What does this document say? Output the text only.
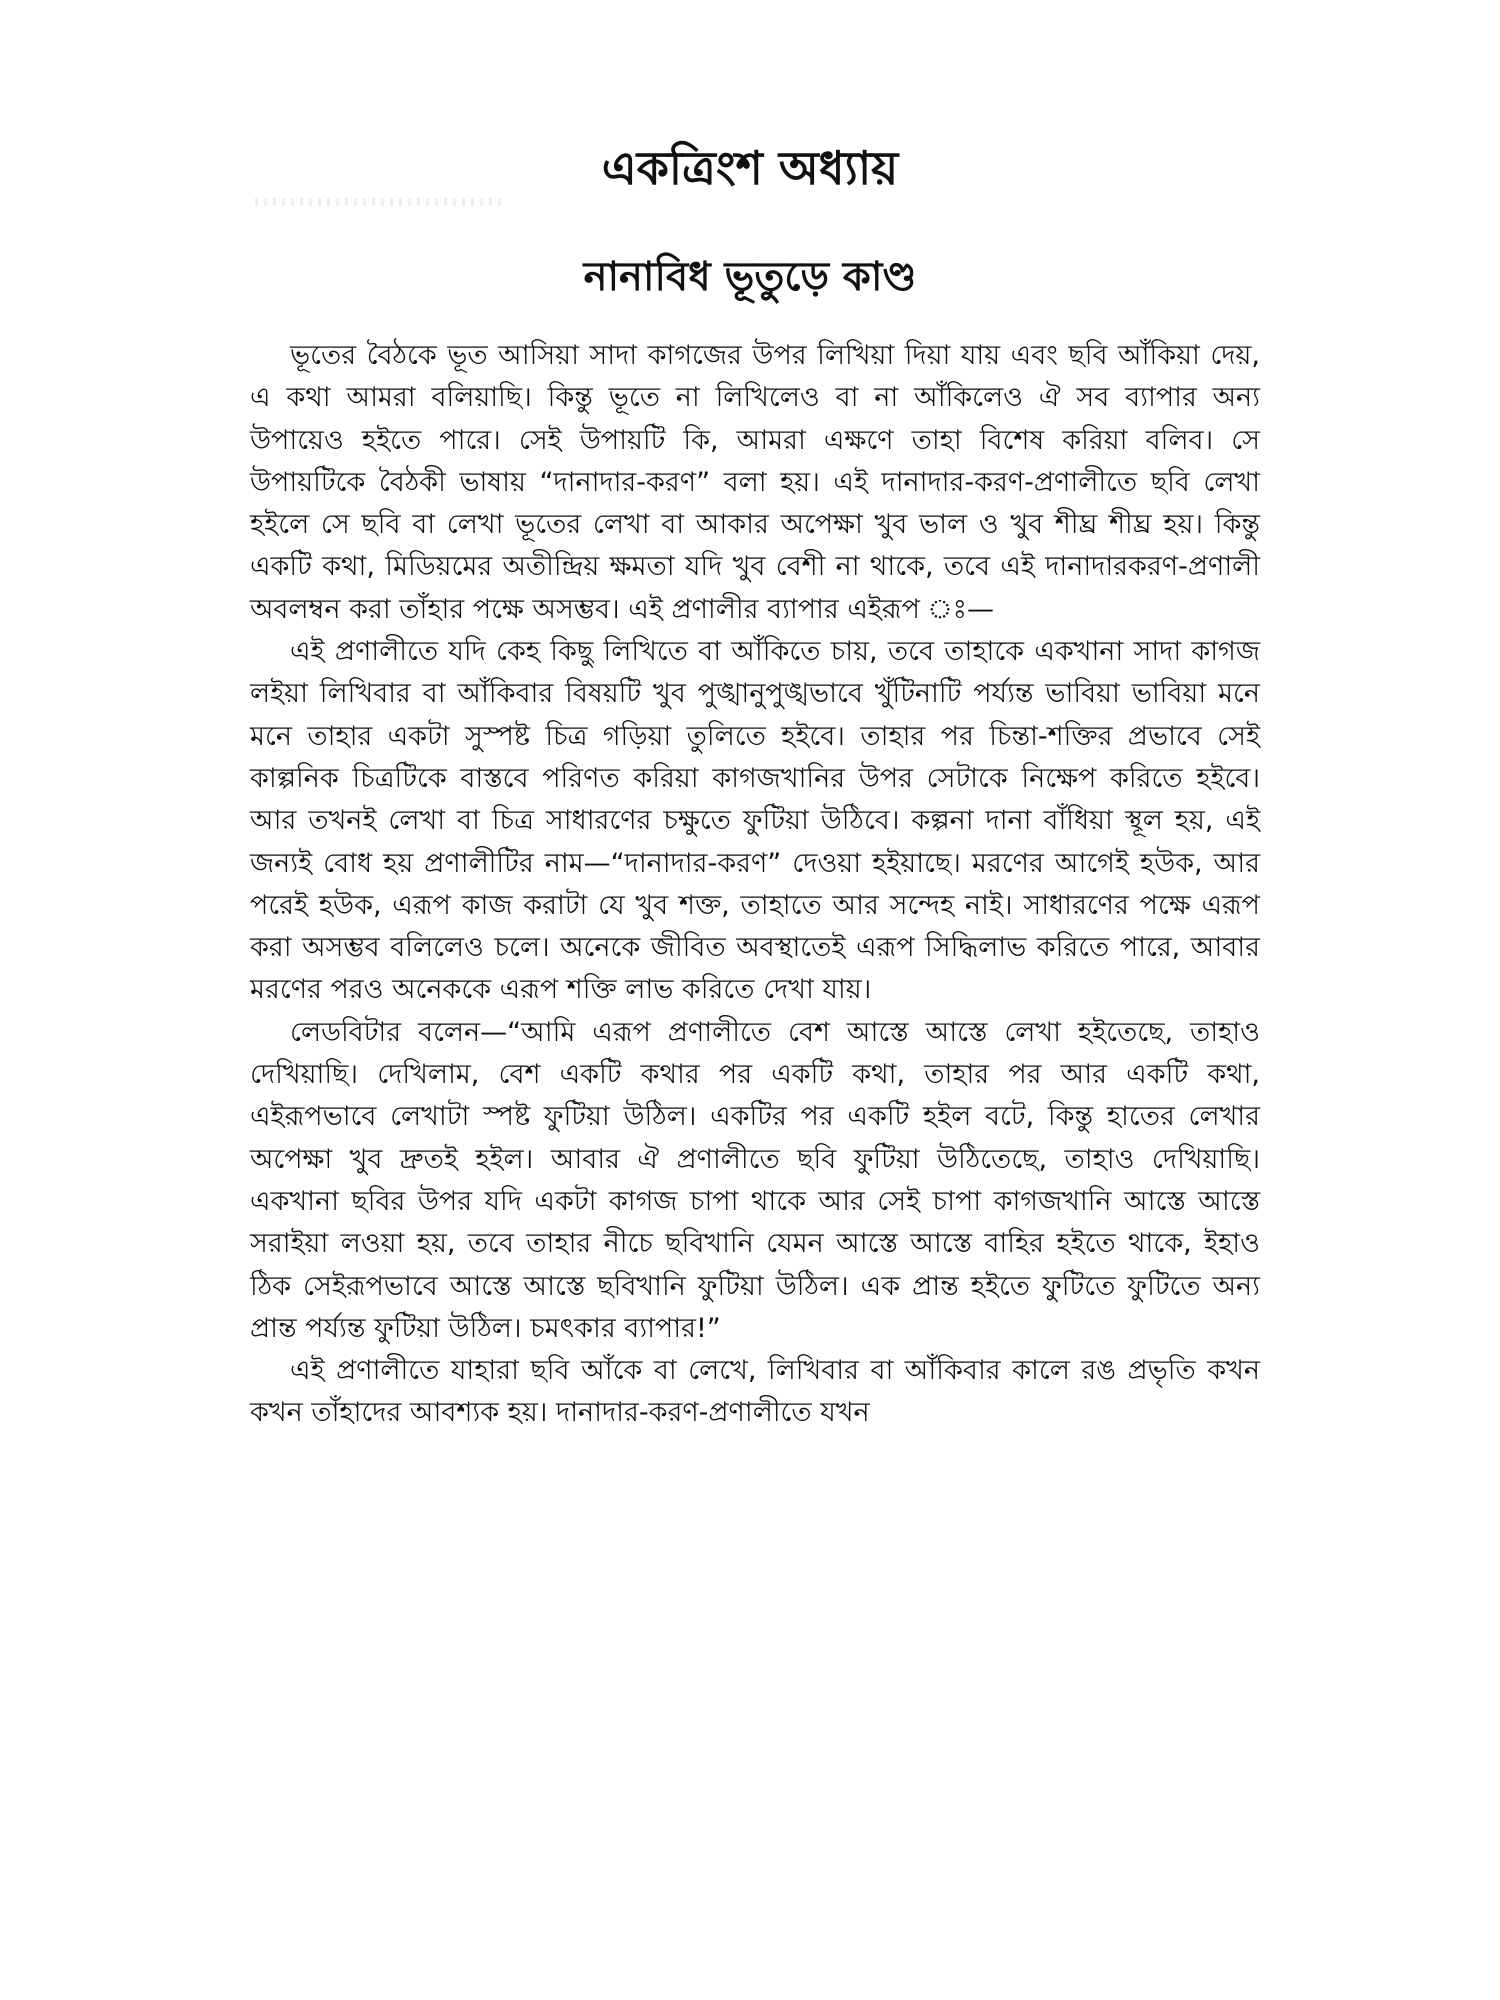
একত্রিংশ অধ্যায়
নানাবিধ ভূতুড়ে কাণ্ড

ভূতের বৈঠকে ভূত আসিয়া সাদা কাগজের উপর লিখিয়া দিয়া যায় এবং ছবি আঁকিয়া দেয়, এ কথা আমরা বলিয়াছি। কিন্তু ভূতে না লিখিলেও বা না আঁকিলেও ঐ সব ব্যাপার অন্য উপায়েও হইতে পারে। সেই উপায়টি কি, আমরা এক্ষণে তাহা বিশেষ করিয়া বলিব। সে উপায়টিকে বৈঠকী ভাষায় “দানাদার-করণ” বলা হয়। এই দানাদার-করণ-প্রণালীতে ছবি লেখা হইলে সে ছবি বা লেখা ভূতের লেখা বা আকার অপেক্ষা খুব ভাল ও খুব শীঘ্র শীঘ্র হয়। কিন্তু একটি কথা, মিডিয়মের অতীন্দ্রিয় ক্ষমতা যদি খুব বেশী না থাকে, তবে এই দানাদারকরণ-প্রণালী অবলম্বন করা তাঁহার পক্ষে অসম্ভব। এই প্রণালীর ব্যাপার এইরূপ ঃ—

এই প্রণালীতে যদি কেহ কিছু লিখিতে বা আঁকিতে চায়, তবে তাহাকে একখানা সাদা কাগজ লইয়া লিখিবার বা আঁকিবার বিষয়টি খুব পুঙ্খানুপুঙ্খভাবে খুঁটিনাটি পর্য্যন্ত ভাবিয়া ভাবিয়া মনে মনে তাহার একটা সুস্পষ্ট চিত্র গড়িয়া তুলিতে হইবে। তাহার পর চিন্তা-শক্তির প্রভাবে সেই কাল্পনিক চিত্রটিকে বাস্তবে পরিণত করিয়া কাগজখানির উপর সেটাকে নিক্ষেপ করিতে হইবে। আর তখনই লেখা বা চিত্র সাধারণের চক্ষুতে ফুটিয়া উঠিবে। কল্পনা দানা বাঁধিয়া স্থূল হয়, এই জন্যই বোধ হয় প্রণালীটির নাম—“দানাদার-করণ” দেওয়া হইয়াছে। মরণের আগেই হউক, আর পরেই হউক, এরূপ কাজ করাটা যে খুব শক্ত, তাহাতে আর সন্দেহ নাই। সাধারণের পক্ষে এরূপ করা অসম্ভব বলিলেও চলে। অনেকে জীবিত অবস্থাতেই এরূপ সিদ্ধিলাভ করিতে পারে, আবার মরণের পরও অনেককে এরূপ শক্তি লাভ করিতে দেখা যায়।

লেডবিটার বলেন—“আমি এরূপ প্রণালীতে বেশ আস্তে আস্তে লেখা হইতেছে, তাহাও দেখিয়াছি। দেখিলাম, বেশ একটি কথার পর একটি কথা, তাহার পর আর একটি কথা, এইরূপভাবে লেখাটা স্পষ্ট ফুটিয়া উঠিল। একটির পর একটি হইল বটে, কিন্তু হাতের লেখার অপেক্ষা খুব দ্রুতই হইল। আবার ঐ প্রণালীতে ছবি ফুটিয়া উঠিতেছে, তাহাও দেখিয়াছি। একখানা ছবির উপর যদি একটা কাগজ চাপা থাকে আর সেই চাপা কাগজখানি আস্তে আস্তে সরাইয়া লওয়া হয়, তবে তাহার নীচে ছবিখানি যেমন আস্তে আস্তে বাহির হইতে থাকে, ইহাও ঠিক সেইরূপভাবে আস্তে আস্তে ছবিখানি ফুটিয়া উঠিল। এক প্রান্ত হইতে ফুটিতে ফুটিতে অন্য প্রান্ত পর্য্যন্ত ফুটিয়া উঠিল। চমৎকার ব্যাপার!”

এই প্রণালীতে যাহারা ছবি আঁকে বা লেখে, লিখিবার বা আঁকিবার কালে রঙ প্রভৃতি কখন কখন তাঁহাদের আবশ্যক হয়। দানাদার-করণ-প্রণালীতে যখন
